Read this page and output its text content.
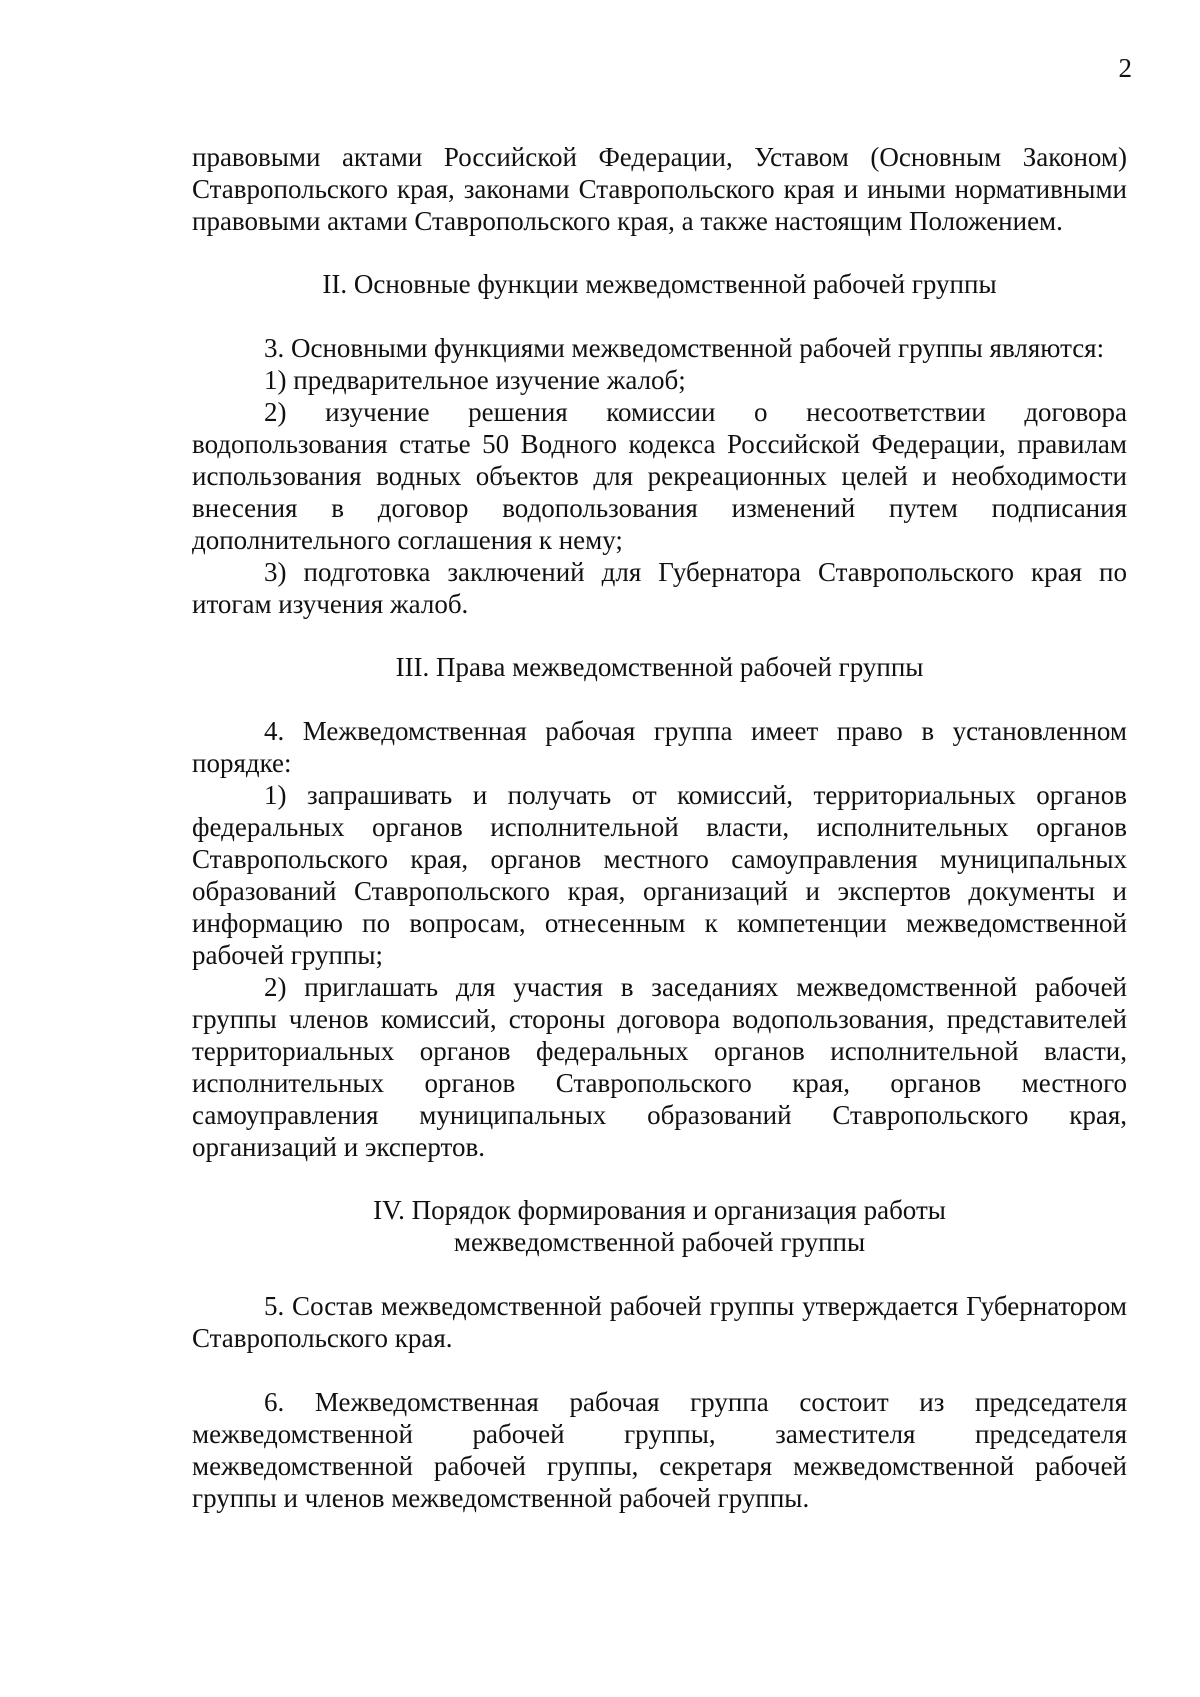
2

правовыми актами Российской Федерации, Уставом (Основным Законом) Ставропольского края, законами Ставропольского края и иными нормативными правовыми актами Ставропольского края, а также настоящим Положением.

II. Основные функции межведомственной рабочей группы

3. Основными функциями межведомственной рабочей группы являются:

1) предварительное изучение жалоб;

2) изучение решения комиссии о несоответствии договора водопользования статье 50 Водного кодекса Российской Федерации, правилам использования водных объектов для рекреационных целей и необходимости внесения в договор водопользования изменений путем подписания дополнительного соглашения к нему;

3) подготовка заключений для Губернатора Ставропольского края по итогам изучения жалоб.

III. Права межведомственной рабочей группы

4. Межведомственная рабочая группа имеет право в установленном порядке:

1) запрашивать и получать от комиссий, территориальных органов федеральных органов исполнительной власти, исполнительных органов Ставропольского края, органов местного самоуправления муниципальных образований Ставропольского края, организаций и экспертов документы и информацию по вопросам, отнесенным к компетенции межведомственной рабочей группы;

2) приглашать для участия в заседаниях межведомственной рабочей группы членов комиссий, стороны договора водопользования, представителей территориальных органов федеральных органов исполнительной власти, исполнительных органов Ставропольского края, органов местного самоуправления муниципальных образований Ставропольского края, организаций и экспертов.

IV. Порядок формирования и организация работы
межведомственной рабочей группы

5. Состав межведомственной рабочей группы утверждается Губернатором Ставропольского края.

6. Межведомственная рабочая группа состоит из председателя межведомственной рабочей группы, заместителя председателя межведомственной рабочей группы, секретаря межведомственной рабочей группы и членов межведомственной рабочей группы.
